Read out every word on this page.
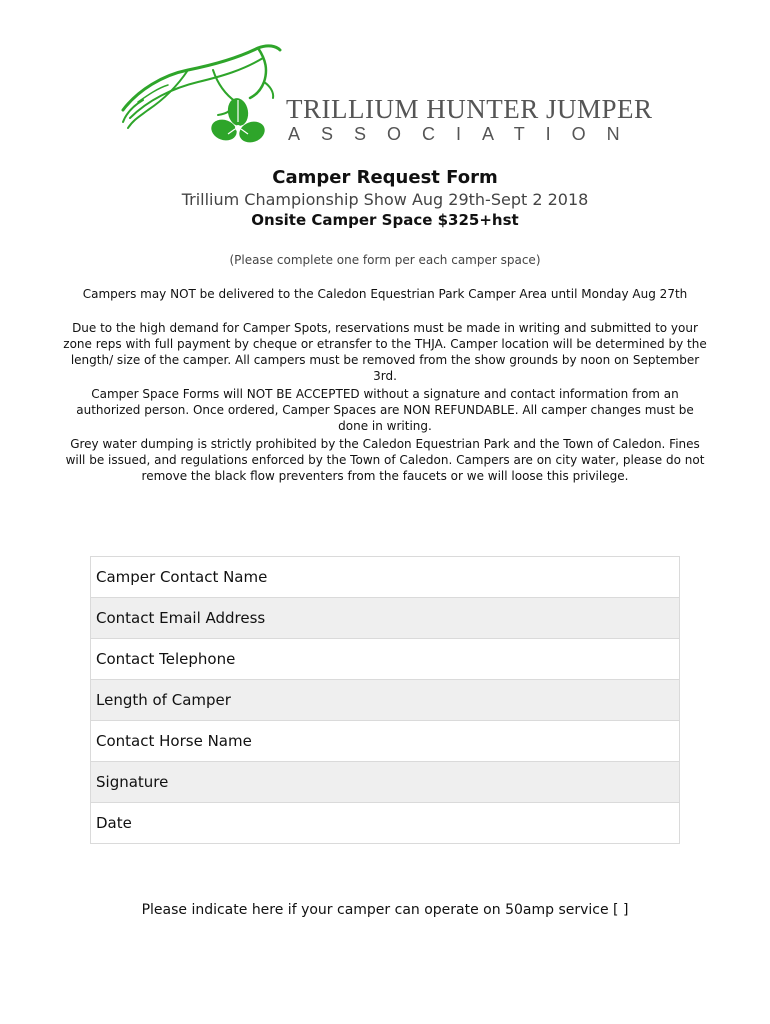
TRILLIUM HUNTER JUMPER
ASSOCIATION

Camper Request Form

Trillium Championship Show Aug 29th-Sept 2 2018

Onsite Camper Space $325+hst

(Please complete one form per each camper space)
Campers may NOT be delivered to the Caledon Equestrian Park Camper Area until Monday Aug 27th
Due to the high demand for Camper Spots, reservations must be made in writing and submitted to your zone reps with full payment by cheque or etransfer to the THJA. Camper location will be determined by the length/ size of the camper. All campers must be removed from the show grounds by noon on September 3rd.
Camper Space Forms will NOT BE ACCEPTED without a signature and contact information from an authorized person. Once ordered, Camper Spaces are NON REFUNDABLE. All camper changes must be done in writing.
Grey water dumping is strictly prohibited by the Caledon Equestrian Park and the Town of Caledon. Fines will be issued, and regulations enforced by the Town of Caledon. Campers are on city water, please do not remove the black flow preventers from the faucets or we will loose this privilege.
Camper Contact Name
Contact Email Address
Contact Telephone
Length of Camper
Contact Horse Name
Signature
Date
Please indicate here if your camper can operate on 50amp service [ ]
